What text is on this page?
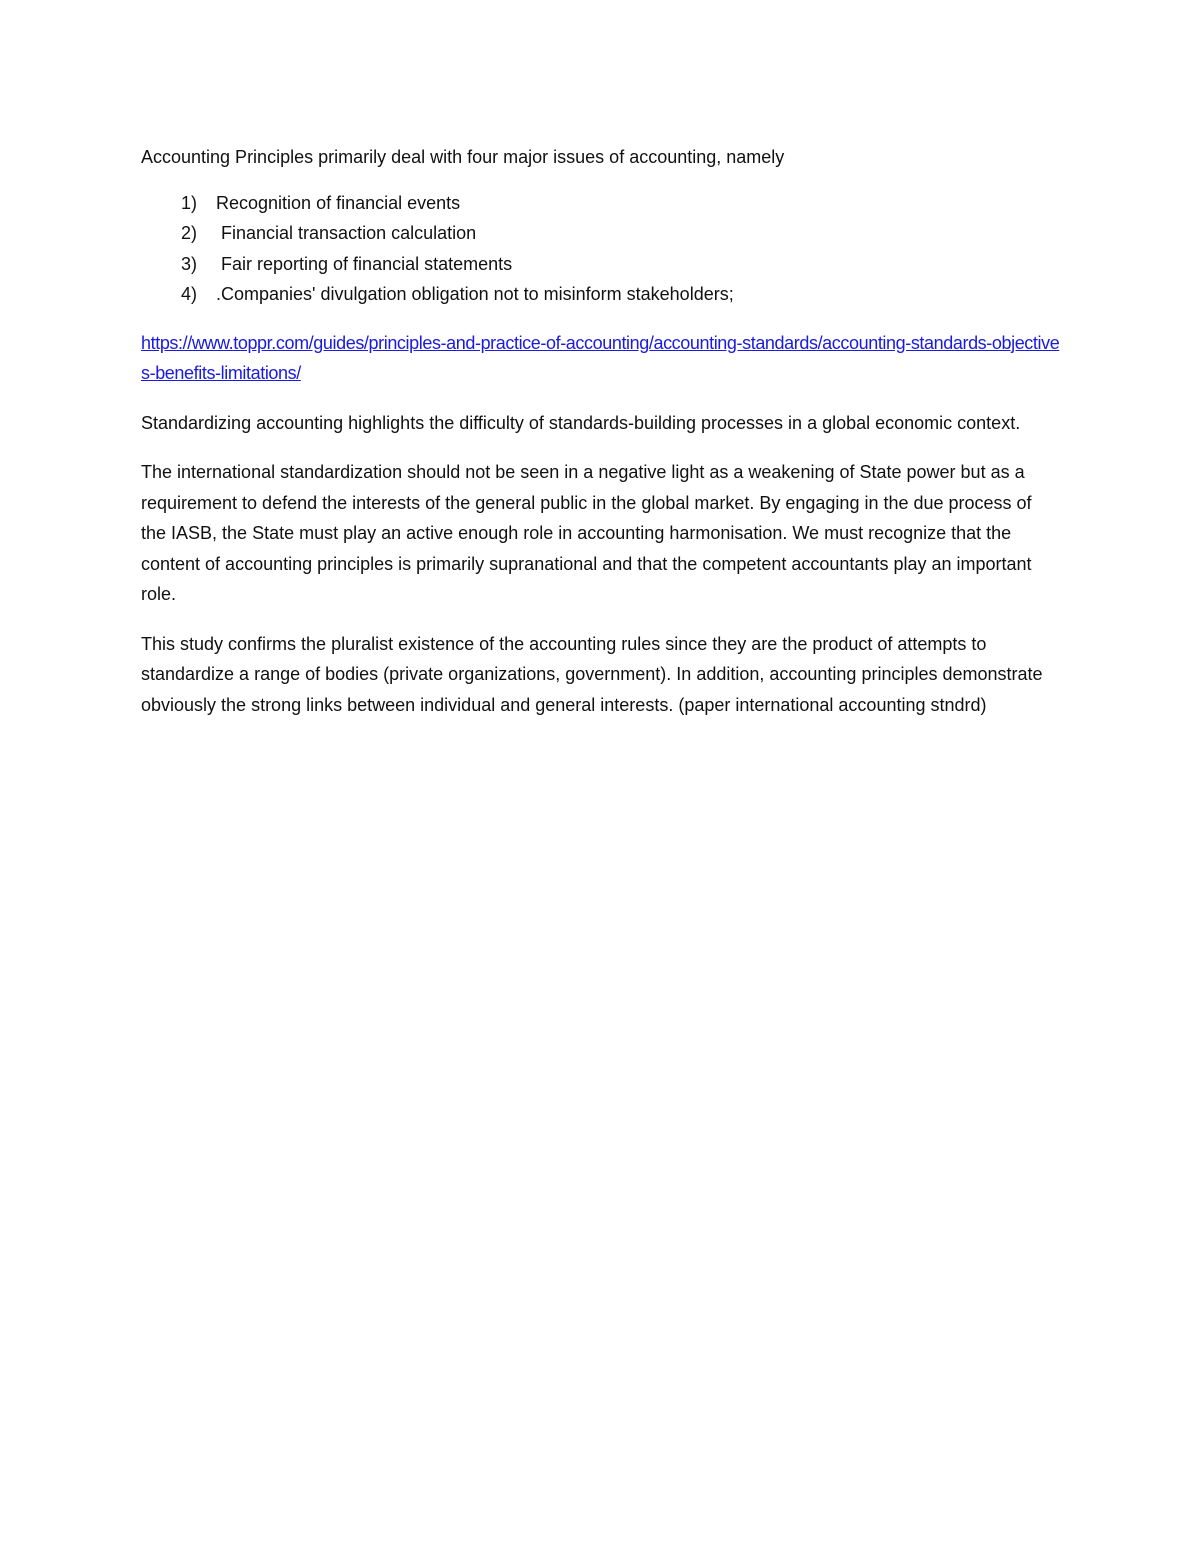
Accounting Principles primarily deal with four major issues of accounting, namely

1) Recognition of financial events
2) Financial transaction calculation
3) Fair reporting of financial statements
4) .Companies' divulgation obligation not to misinform stakeholders;
https://www.toppr.com/guides/principles-and-practice-of-accounting/accounting-standards/accounting-standards-objectives-benefits-limitations/

Standardizing accounting highlights the difficulty of standards-building processes in a global economic context.

The international standardization should not be seen in a negative light as a weakening of State power but as a requirement to defend the interests of the general public in the global market. By engaging in the due process of the IASB, the State must play an active enough role in accounting harmonisation. We must recognize that the content of accounting principles is primarily supranational and that the competent accountants play an important role.

This study confirms the pluralist existence of the accounting rules since they are the product of attempts to standardize a range of bodies (private organizations, government). In addition, accounting principles demonstrate obviously the strong links between individual and general interests. (paper international accounting stndrd)
